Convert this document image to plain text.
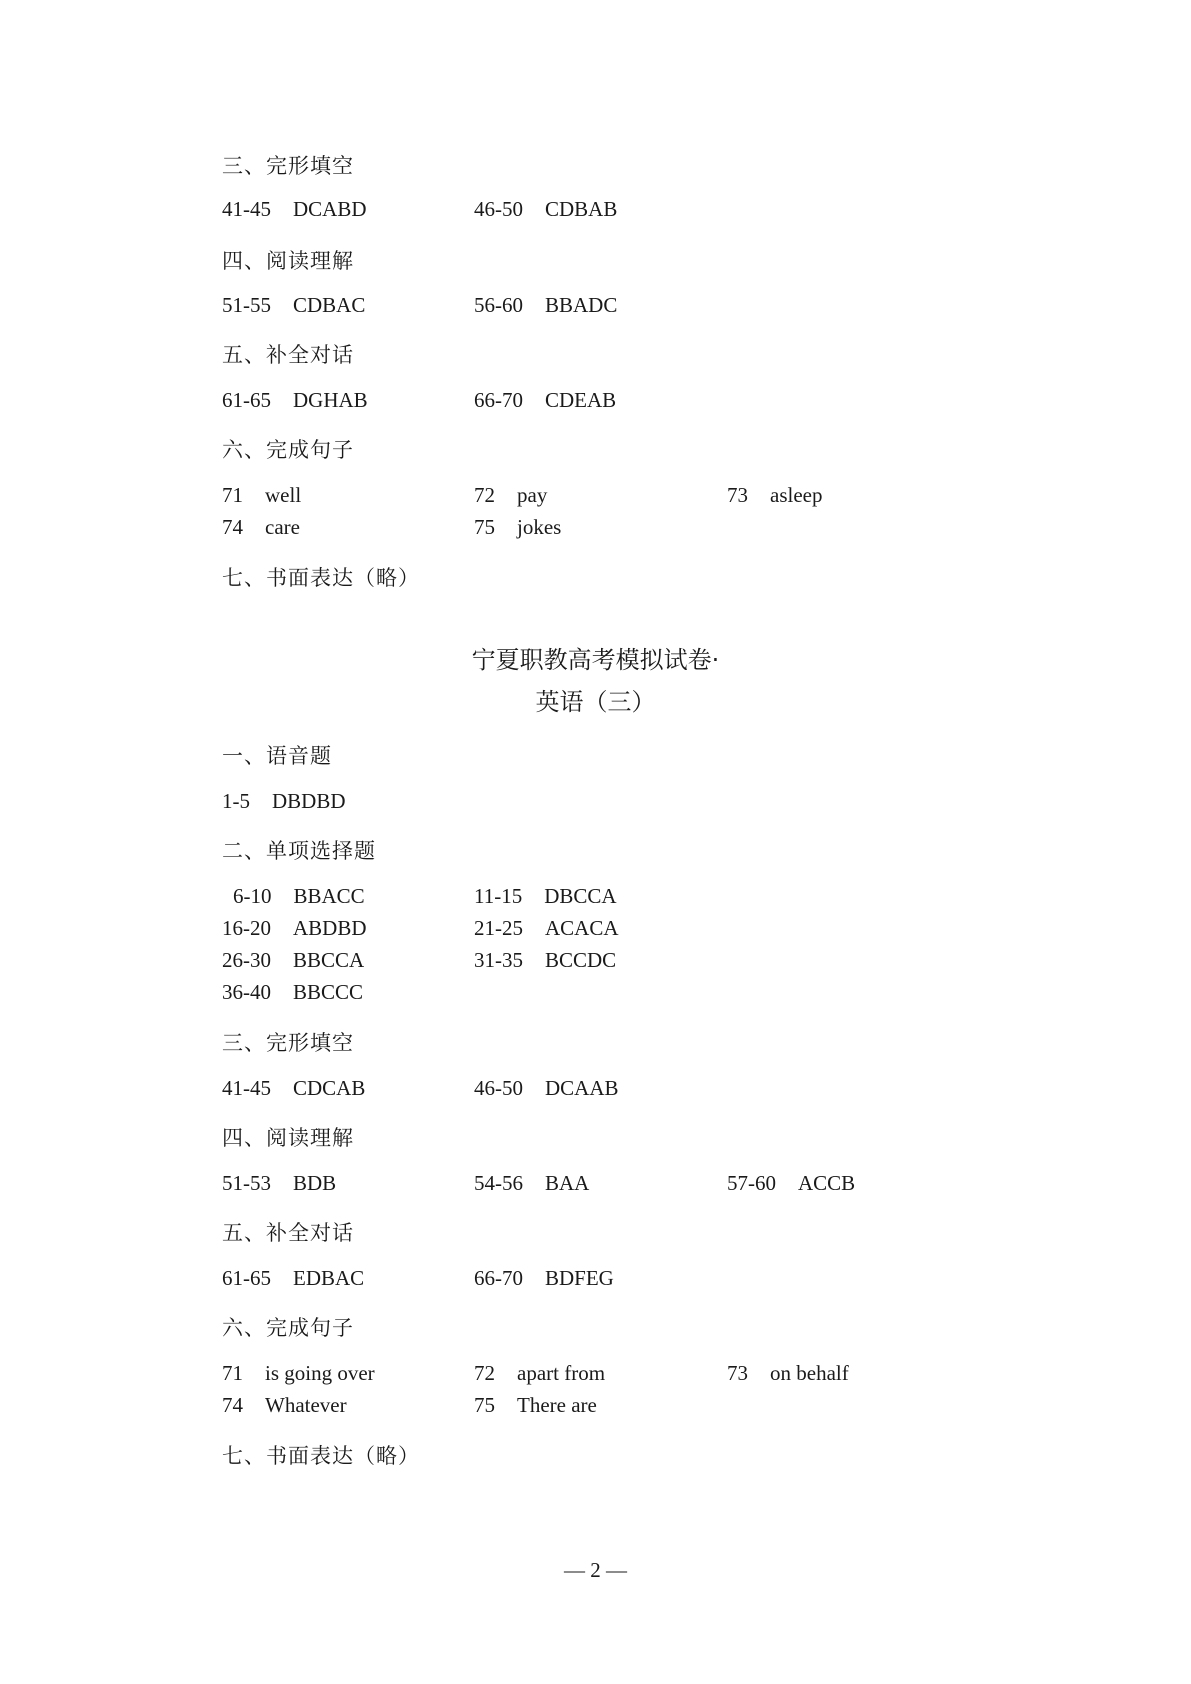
三、完形填空
41-45 DCABD	46-50 CDBAB
四、阅读理解
51-55 CDBAC	56-60 BBADC
五、补全对话
61-65 DGHAB	66-70 CDEAB
六、完成句子
71 well	72 pay	73 asleep
74 care	75 jokes
七、书面表达（略）
宁夏职教高考模拟试卷·
英语（三）
一、语音题
1-5 DBDBD
二、单项选择题
6-10 BBACC	11-15 DBCCA
16-20 ABDBD	21-25 ACACA
26-30 BBCCA	31-35 BCCDC
36-40 BBCCC
三、完形填空
41-45 CDCAB	46-50 DCAAB
四、阅读理解
51-53 BDB	54-56 BAA	57-60 ACCB
五、补全对话
61-65 EDBAC	66-70 BDFEG
六、完成句子
71 is going over	72 apart from	73 on behalf
74 Whatever	75 There are
七、书面表达（略）
— 2 —
